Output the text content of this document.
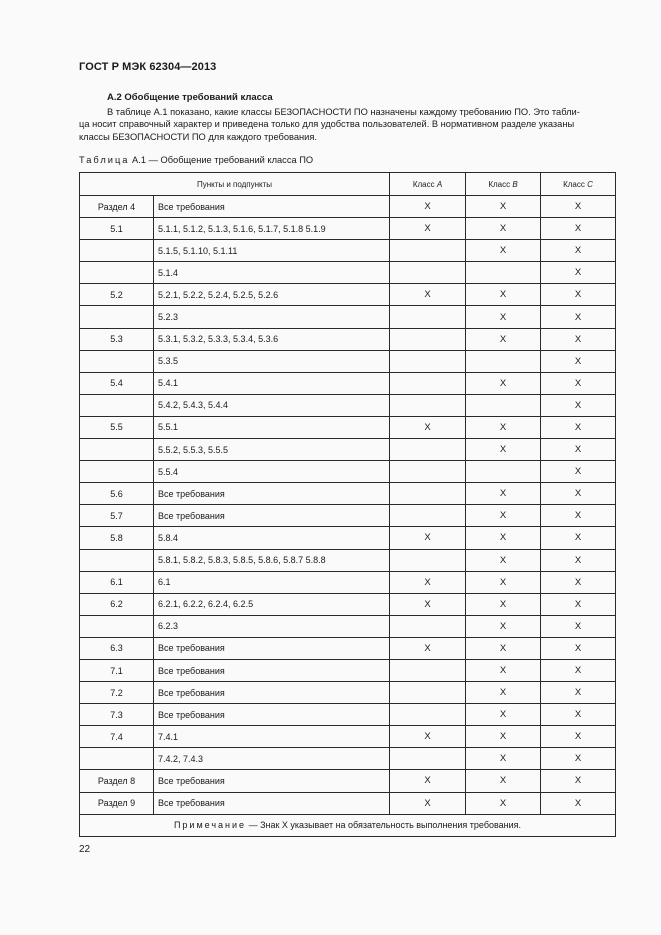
ГОСТ Р МЭК 62304—2013
А.2 Обобщение требований класса
В таблице А.1 показано, какие классы БЕЗОПАСНОСТИ ПО назначены каждому требованию ПО. Это табли-
ца носит справочный характер и приведена только для удобства пользователей. В нормативном разделе указаны
классы БЕЗОПАСНОСТИ ПО для каждого требования.
Таблица А.1 — Обобщение требований класса ПО
Пункты и подпункты		Класс A	Класс B	Класс C
Раздел 4	Все требования	X	X	X
5.1	5.1.1, 5.1.2, 5.1.3, 5.1.6, 5.1.7, 5.1.8 5.1.9	X	X	X
	5.1.5, 5.1.10, 5.1.11		X	X
	5.1.4			X
5.2	5.2.1, 5.2.2, 5.2.4, 5.2.5, 5.2.6	X	X	X
	5.2.3		X	X
5.3	5.3.1, 5.3.2, 5.3.3, 5.3.4, 5.3.6		X	X
	5.3.5			X
5.4	5.4.1		X	X
	5.4.2, 5.4.3, 5.4.4			X
5.5	5.5.1	X	X	X
	5.5.2, 5.5.3, 5.5.5		X	X
	5.5.4			X
5.6	Все требования		X	X
5.7	Все требования		X	X
5.8	5.8.4	X	X	X
	5.8.1, 5.8.2, 5.8.3, 5.8.5, 5.8.6, 5.8.7 5.8.8		X	X
6.1	6.1	X	X	X
6.2	6.2.1, 6.2.2, 6.2.4, 6.2.5	X	X	X
	6.2.3		X	X
6.3	Все требования	X	X	X
7.1	Все требования		X	X
7.2	Все требования		X	X
7.3	Все требования		X	X
7.4	7.4.1	X	X	X
	7.4.2, 7.4.3		X	X
Раздел 8	Все требования	X	X	X
Раздел 9	Все требования	X	X	X
Примечание — Знак X указывает на обязательность выполнения требования.				
22
